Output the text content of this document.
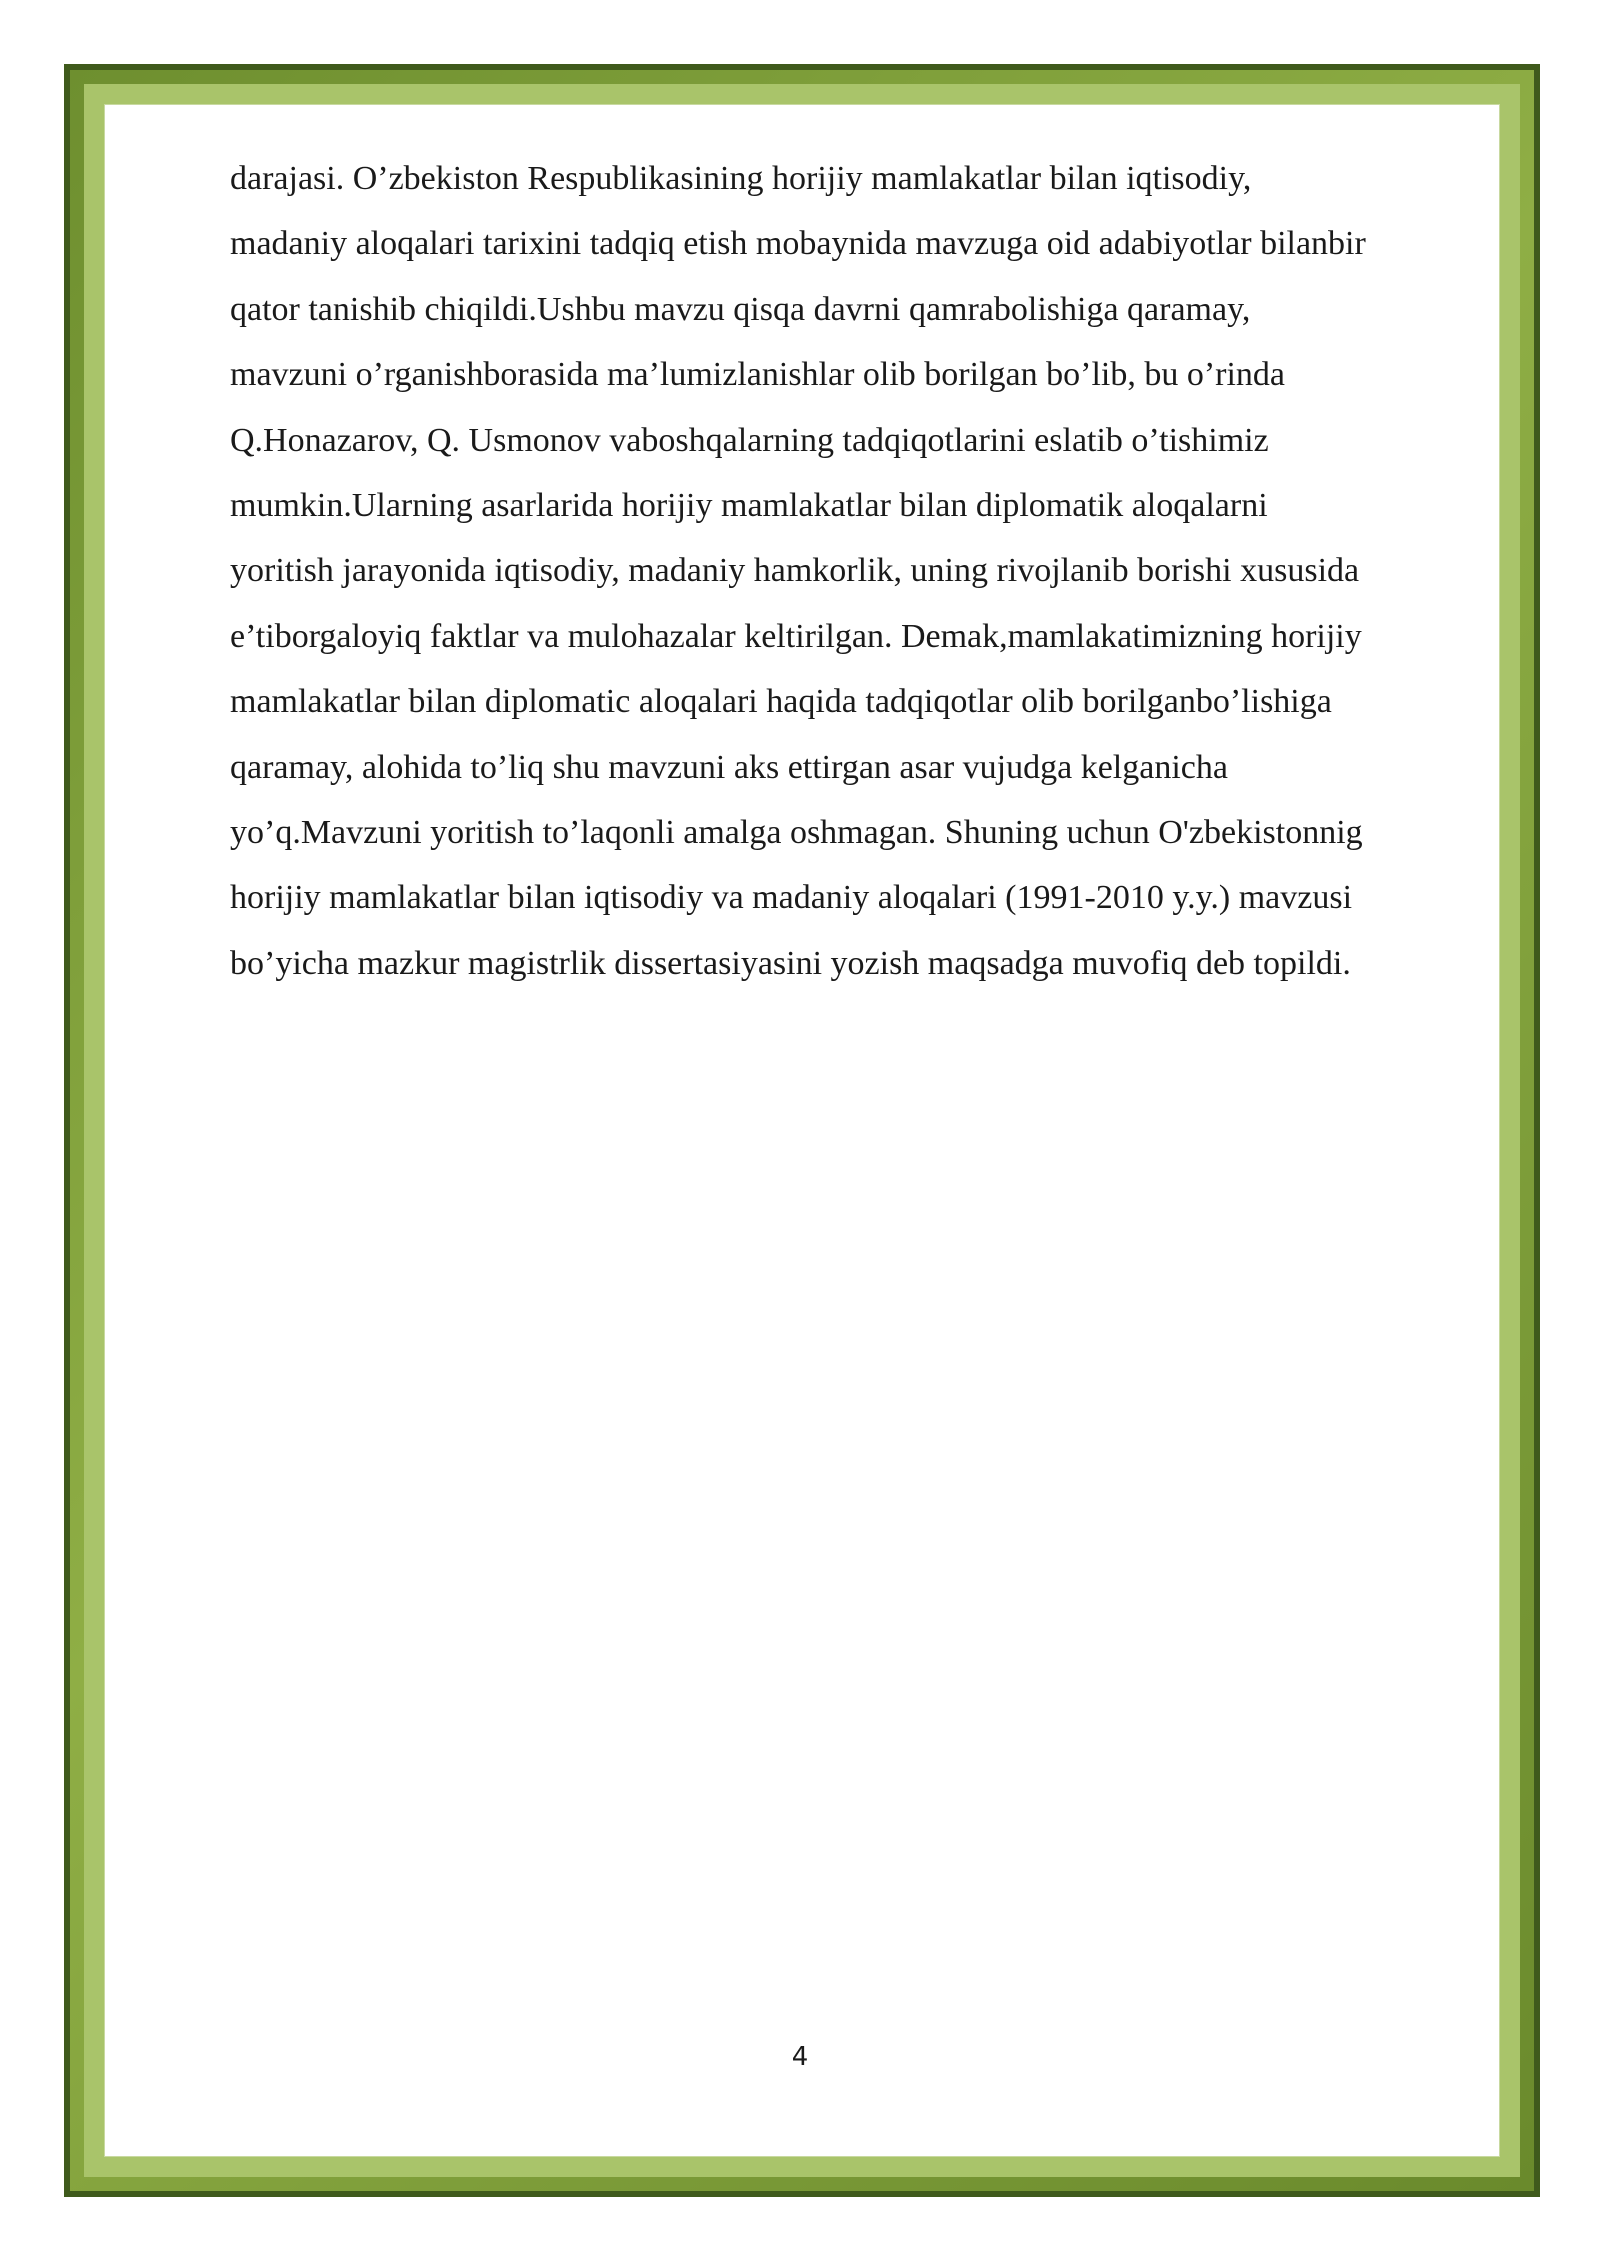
darajasi. O’zbekiston Respublikasining horijiy mamlakatlar bilan iqtisodiy,
madaniy aloqalari tarixini tadqiq etish mobaynida mavzuga oid adabiyotlar bilanbir
qator tanishib chiqildi.Ushbu mavzu qisqa davrni qamrabolishiga qaramay,
mavzuni o’rganishborasida ma’lumizlanishlar olib borilgan bo’lib, bu o’rinda
Q.Honazarov, Q. Usmonov vaboshqalarning tadqiqotlarini eslatib o’tishimiz
mumkin.Ularning asarlarida horijiy mamlakatlar bilan diplomatik aloqalarni
yoritish jarayonida iqtisodiy, madaniy hamkorlik, uning rivojlanib borishi xususida
e’tiborgaloyiq faktlar va mulohazalar keltirilgan. Demak,mamlakatimizning horijiy
mamlakatlar bilan diplomatic aloqalari haqida tadqiqotlar olib borilganbo’lishiga
qaramay, alohida to’liq shu mavzuni aks ettirgan asar vujudga kelganicha
yo’q.Mavzuni yoritish to’laqonli amalga oshmagan. Shuning uchun O'zbekistonnig
horijiy mamlakatlar bilan iqtisodiy va madaniy aloqalari (1991-2010 y.y.) mavzusi
bo’yicha mazkur magistrlik dissertasiyasini yozish maqsadga muvofiq deb topildi.

4
